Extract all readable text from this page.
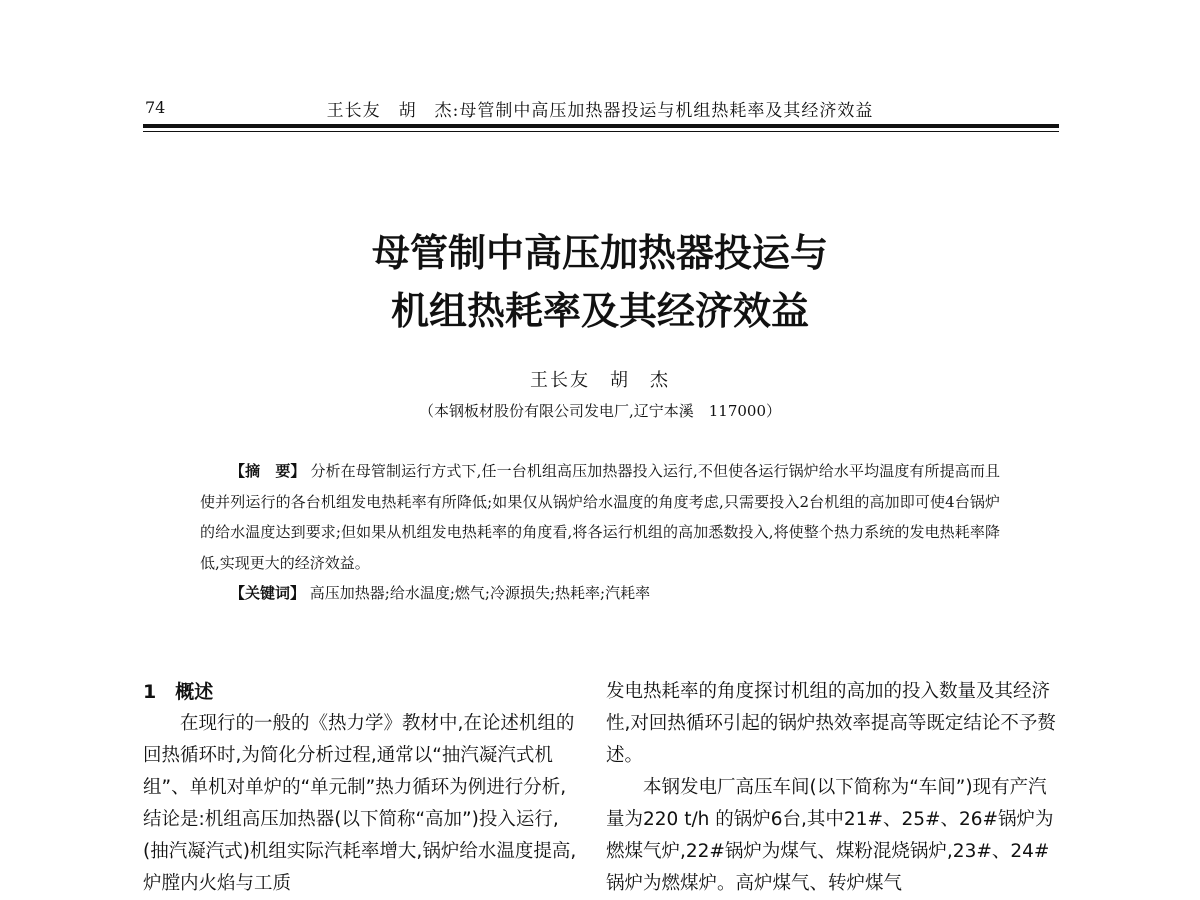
74	王长友　胡　杰:母管制中高压加热器投运与机组热耗率及其经济效益
母管制中高压加热器投运与
机组热耗率及其经济效益
王长友　胡　杰
（本钢板材股份有限公司发电厂,辽宁本溪　117000）

【摘　要】 分析在母管制运行方式下,任一台机组高压加热器投入运行,不但使各运行锅炉给水平均温度有所提高而且使并列运行的各台机组发电热耗率有所降低;如果仅从锅炉给水温度的角度考虑,只需要投入2台机组的高加即可使4台锅炉的给水温度达到要求;但如果从机组发电热耗率的角度看,将各运行机组的高加悉数投入,将使整个热力系统的发电热耗率降低,实现更大的经济效益。

【关键词】 高压加热器;给水温度;燃气;冷源损失;热耗率;汽耗率

1　概述

在现行的一般的《热力学》教材中,在论述机组的回热循环时,为简化分析过程,通常以“抽汽凝汽式机组”、单机对单炉的“单元制”热力循环为例进行分析,结论是:机组高压加热器(以下简称“高加”)投入运行,(抽汽凝汽式)机组实际汽耗率增大,锅炉给水温度提高,炉膛内火焰与工质

发电热耗率的角度探讨机组的高加的投入数量及其经济性,对回热循环引起的锅炉热效率提高等既定结论不予赘述。

本钢发电厂高压车间(以下简称为“车间”)现有产汽量为220 t/h 的锅炉6台,其中21#、25#、26#锅炉为燃煤气炉,22#锅炉为煤气、煤粉混烧锅炉,23#、24#锅炉为燃煤炉。高炉煤气、转炉煤气
